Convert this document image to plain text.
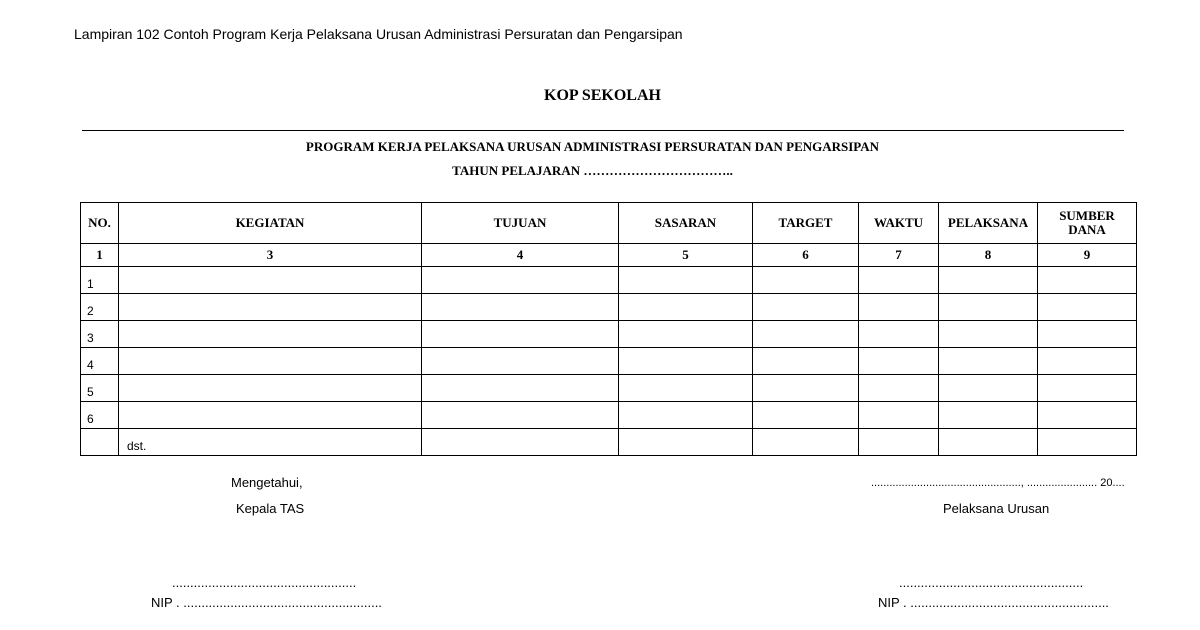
Lampiran 102 Contoh Program Kerja Pelaksana Urusan Administrasi Persuratan dan Pengarsipan
KOP SEKOLAH
PROGRAM KERJA PELAKSANA URUSAN ADMINISTRASI PERSURATAN DAN PENGARSIPAN
TAHUN PELAJARAN ……………………………..
NO.	KEGIATAN	TUJUAN	SASARAN	TARGET	WAKTU	PELAKSANA	SUMBER DANA
1	3	4	5	6	7	8	9
1							
2							
3							
4							
5							
6							
	dst.						
Mengetahui,
Kepala TAS
...................................................
NIP . .......................................................
................................................., ....................... 20....
Pelaksana Urusan
...................................................
NIP . .......................................................
